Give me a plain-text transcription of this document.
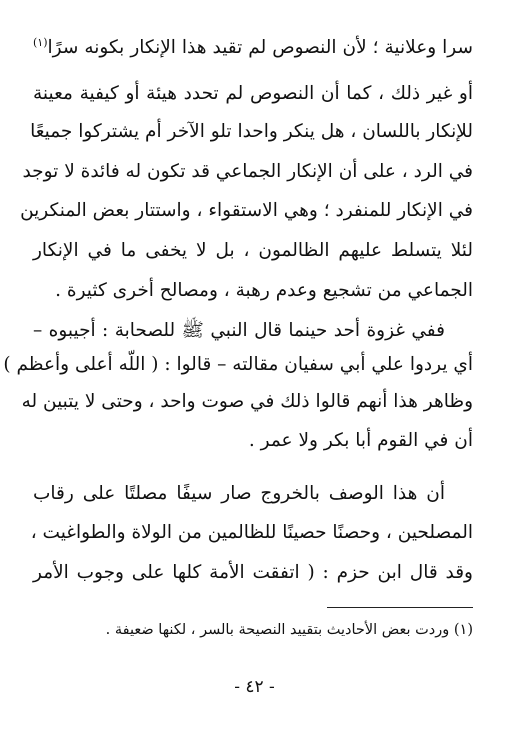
سرا وعلانية ؛ لأن النصوص لم تقيد هذا الإنكار بكونه سرًا$^{(١)}$
أو غير ذلك ، كما أن النصوص لم تحدد هيئة أو كيفية معينة
للإنكار باللسان ، هل ينكر واحدا تلو الآخر أم يشتركوا جميعًا
في الرد ، على أن الإنكار الجماعي قد تكون له فائدة لا توجد
في الإنكار للمنفرد ؛ وهي الاستقواء ، واستتار بعض المنكرين
لئلا يتسلط عليهم الظالمون ، بل لا يخفى ما في الإنكار
الجماعي من تشجيع وعدم رهبة ، ومصالح أخرى كثيرة .
ففي غزوة أحد حينما قال النبي ﷺ للصحابة : أجيبوه –
أي يردوا علي أبي سفيان مقالته – قالوا : ( اللّه أعلى وأعظم )
وظاهر هذا أنهم قالوا ذلك في صوت واحد ، وحتى لا يتبين له
أن في القوم أبا بكر ولا عمر .
أن هذا الوصف بالخروج صار سيفًا مصلتًا على رقاب
المصلحين ، وحصنًا حصينًا للظالمين من الولاة والطواغيت ،
وقد قال ابن حزم : ( اتفقت الأمة كلها على وجوب الأمر
(١) وردت بعض الأحاديث بتقييد النصيحة بالسر ، لكنها ضعيفة .
- ٤٢ -
